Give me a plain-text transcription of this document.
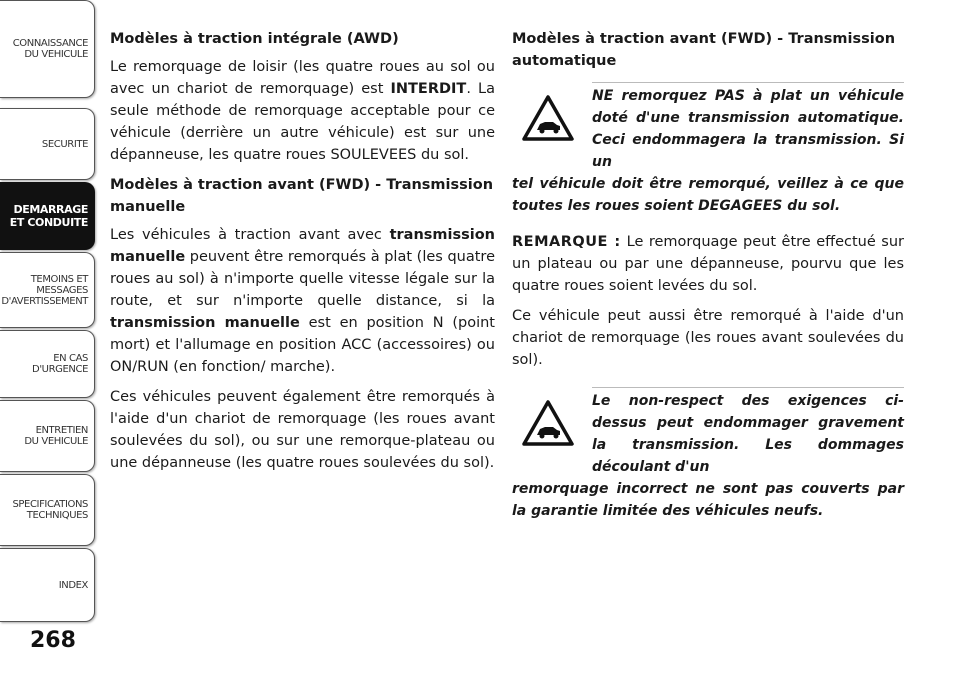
CONNAISSANCE
DU VEHICULE
SECURITE
DEMARRAGE
ET CONDUITE
TEMOINS ET
MESSAGES
D'AVERTISSEMENT
EN CAS
D'URGENCE
ENTRETIEN
DU VEHICULE
SPECIFICATIONS
TECHNIQUES
INDEX
268
Modèles à traction intégrale (AWD)

Le remorquage de loisir (les quatre roues au sol ou avec un chariot de remorquage) est INTERDIT. La seule méthode de remorquage acceptable pour ce véhicule (derrière un autre véhicule) est sur une dépanneuse, les quatre roues SOULEVEES du sol.

Modèles à traction avant (FWD) - Transmission manuelle

Les véhicules à traction avant avec transmission manuelle peuvent être remorqués à plat (les quatre roues au sol) à n'importe quelle vitesse légale sur la route, et sur n'importe quelle distance, si la transmission manuelle est en position N (point mort) et l'allumage en position ACC (accessoires) ou ON/RUN (en fonction/ marche).

Ces véhicules peuvent également être remorqués à l'aide d'un chariot de remorquage (les roues avant soulevées du sol), ou sur une remorque-plateau ou une dépanneuse (les quatre roues soulevées du sol).

Modèles à traction avant (FWD) - Transmission automatique
NE remorquez PAS à plat un véhicule doté d'une transmission automatique. Ceci endommagera la transmission. Si un
tel véhicule doit être remorqué, veillez à ce que toutes les roues soient DEGAGEES du sol.

REMARQUE : Le remorquage peut être effectué sur un plateau ou par une dépanneuse, pourvu que les quatre roues soient levées du sol.

Ce véhicule peut aussi être remorqué à l'aide d'un chariot de remorquage (les roues avant soulevées du sol).

Le non-respect des exigences ci-dessus peut endommager gravement la transmission. Les dommages découlant d'un
remorquage incorrect ne sont pas couverts par la garantie limitée des véhicules neufs.
